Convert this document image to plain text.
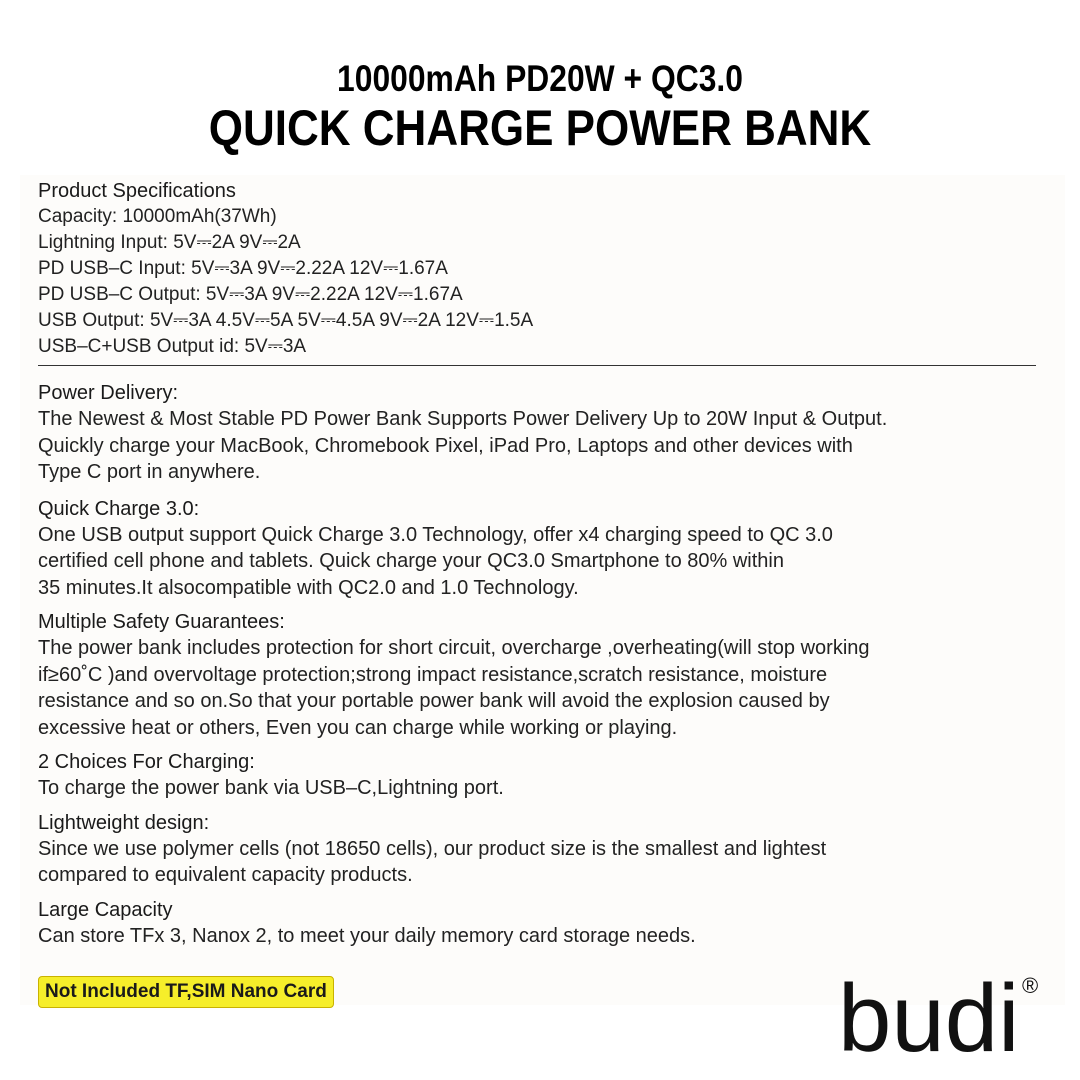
10000mAh PD20W + QC3.0
QUICK CHARGE POWER BANK
Product Specifications
Capacity: 10000mAh(37Wh)
Lightning Input: 5V⎓2A 9V⎓2A
PD USB–C Input: 5V⎓3A 9V⎓2.22A 12V⎓1.67A
PD USB–C Output: 5V⎓3A 9V⎓2.22A 12V⎓1.67A
USB Output: 5V⎓3A 4.5V⎓5A 5V⎓4.5A 9V⎓2A 12V⎓1.5A
USB–C+USB Output id: 5V⎓3A
Power Delivery:
The Newest & Most Stable PD Power Bank Supports Power Delivery Up to 20W Input & Output.
Quickly charge your MacBook, Chromebook Pixel, iPad Pro, Laptops and other devices with
Type C port in anywhere.
Quick Charge 3.0:
One USB output support Quick Charge 3.0 Technology, offer x4 charging speed to QC 3.0
certified cell phone and tablets. Quick charge your QC3.0 Smartphone to 80% within
35 minutes.It alsocompatible with QC2.0 and 1.0 Technology.
Multiple Safety Guarantees:
The power bank includes protection for short circuit, overcharge ,overheating(will stop working
if≥60˚C )and overvoltage protection;strong impact resistance,scratch resistance, moisture
resistance and so on.So that your portable power bank will avoid the explosion caused by
excessive heat or others, Even you can charge while working or playing.
2 Choices For Charging:
To charge the power bank via USB–C,Lightning port.
Lightweight design:
Since we use polymer cells (not 18650 cells), our product size is the smallest and lightest
compared to equivalent capacity products.
Large Capacity
Can store TFx 3, Nanox 2, to meet your daily memory card storage needs.
Not Included TF,SIM Nano Card	budi ®
